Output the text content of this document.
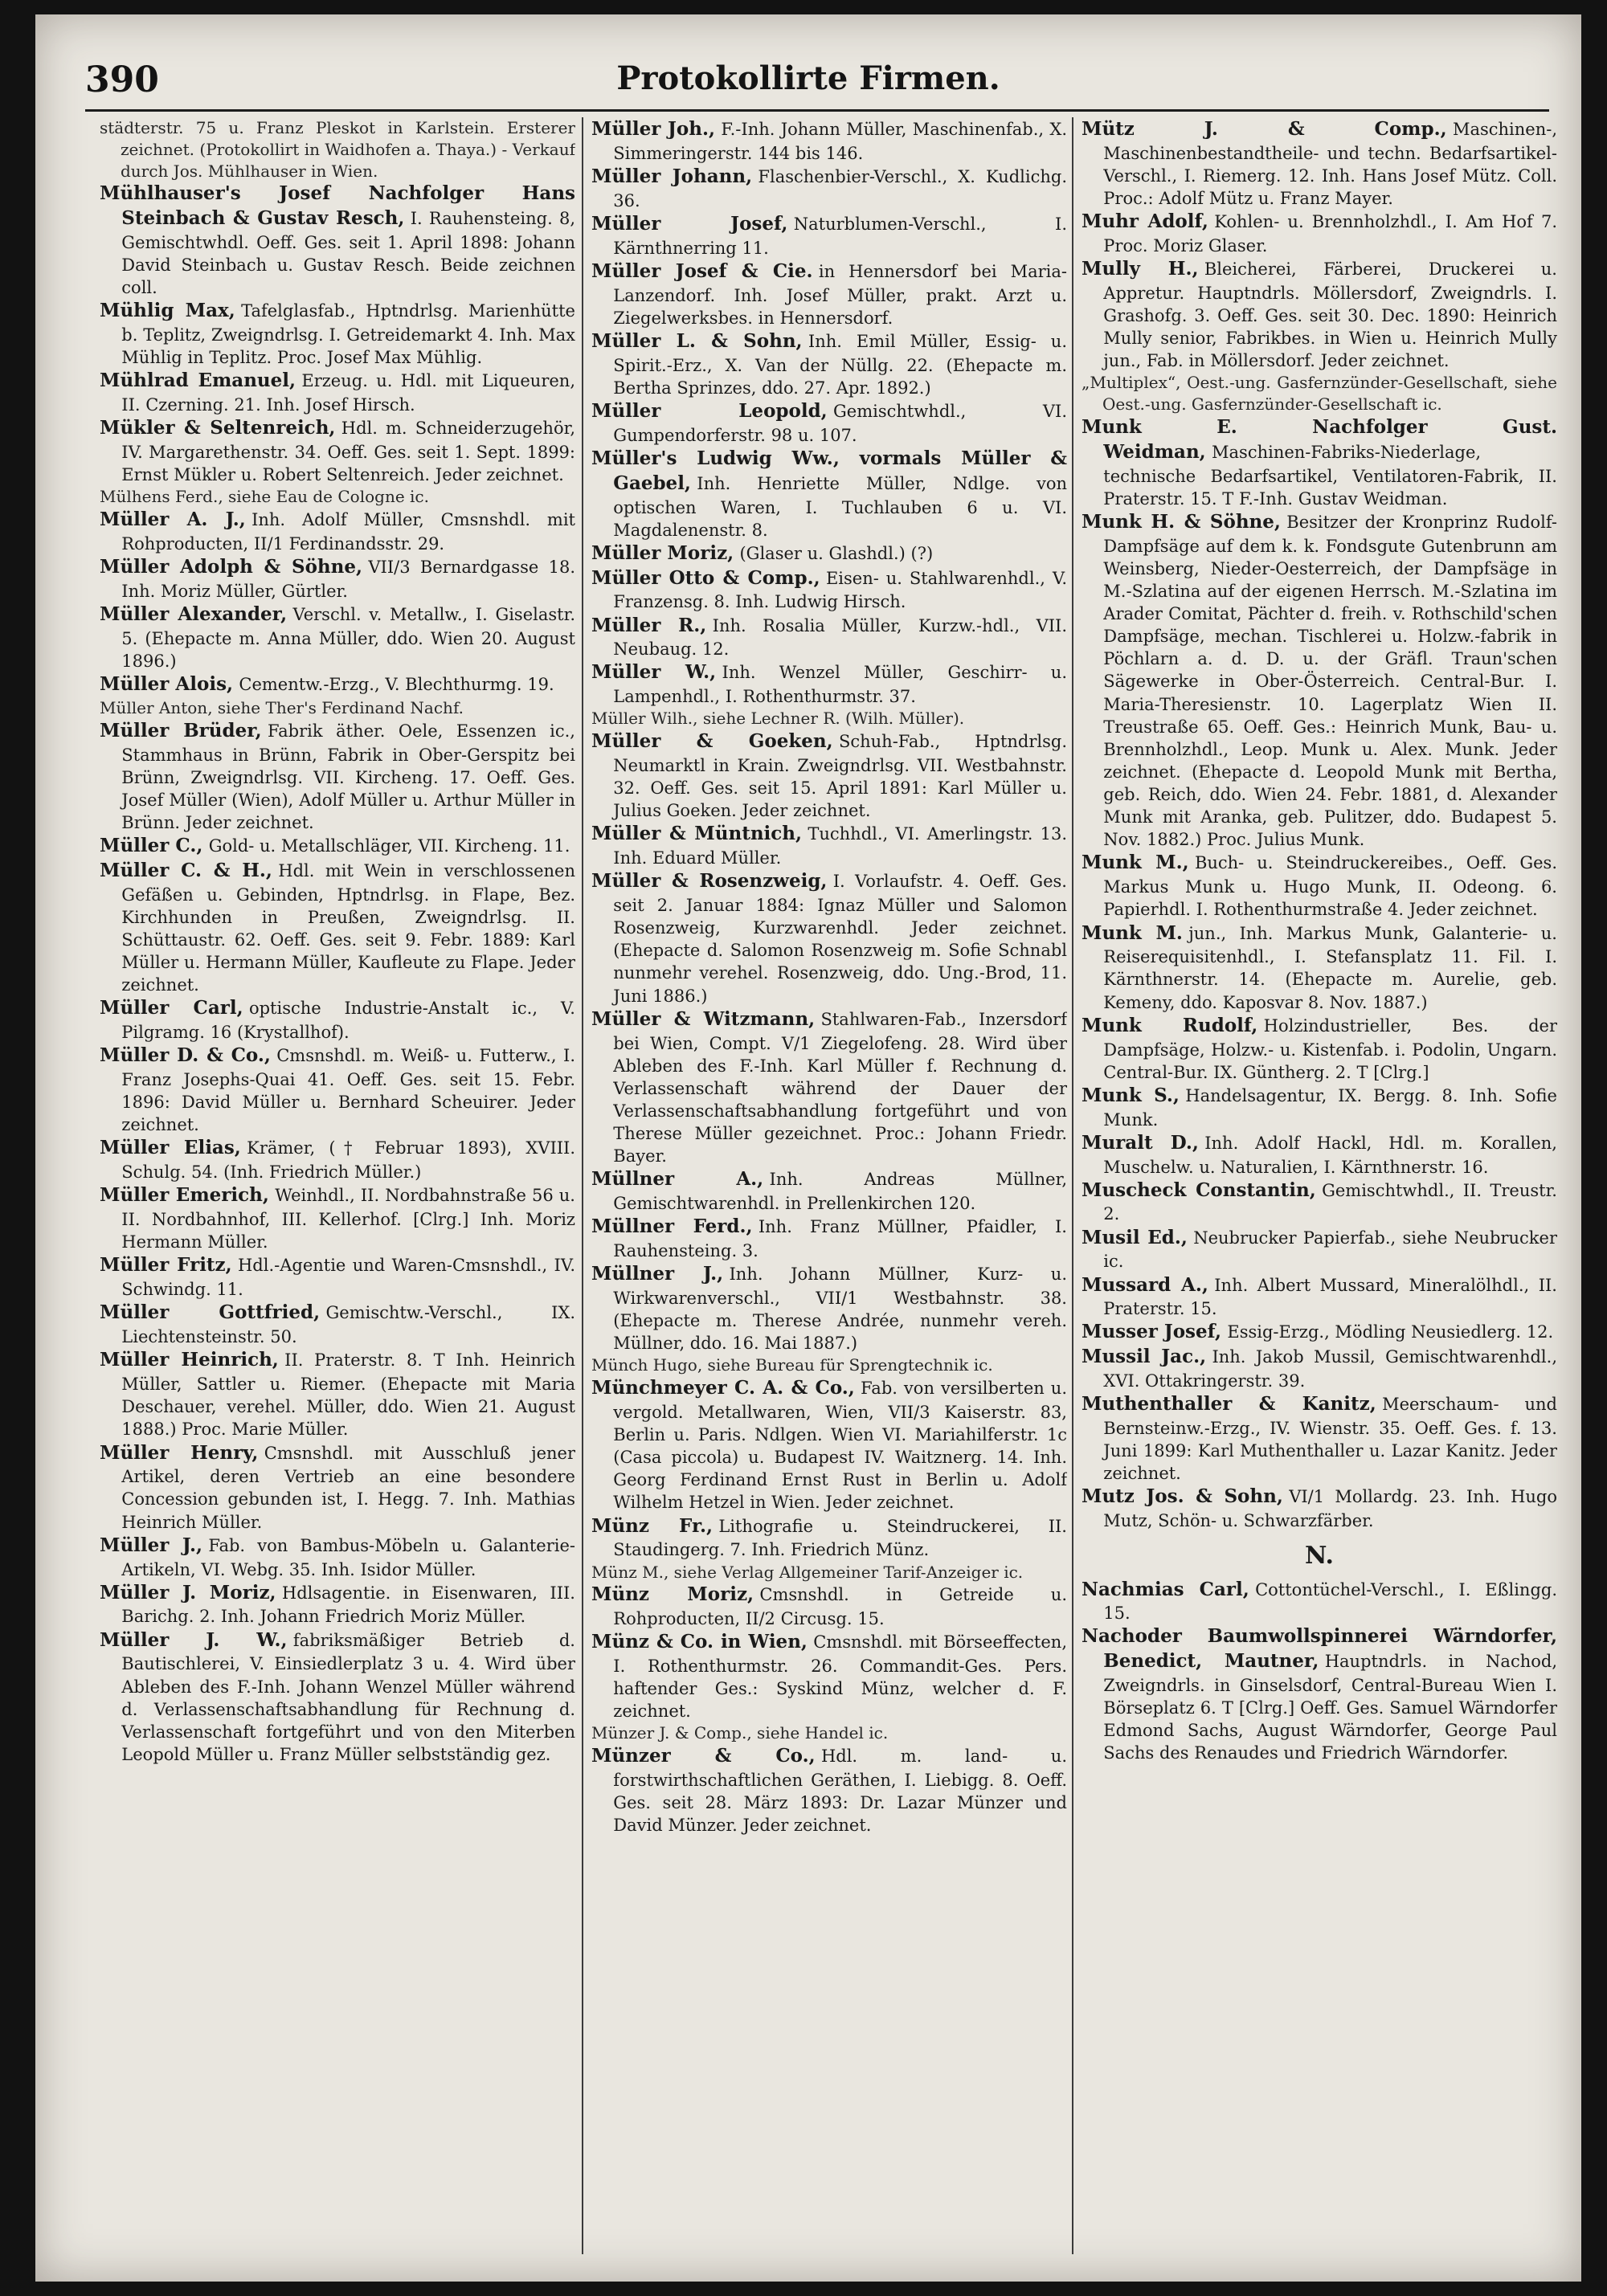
390	Protokollirte Firmen.

städterstr. 75 u. Franz Pleskot in Karlstein. Ersterer zeichnet. (Protokollirt in Waidhofen a. Thaya.) - Verkauf durch Jos. Mühlhauser in Wien.

Mühlhauser's Josef Nachfolger Hans Steinbach & Gustav Resch, I. Rauhensteing. 8, Gemischtwhdl. Oeff. Ges. seit 1. April 1898: Johann David Steinbach u. Gustav Resch. Beide zeichnen coll.

Mühlig Max, Tafelglasfab., Hptndrlsg. Marienhütte b. Teplitz, Zweigndrlsg. I. Getreidemarkt 4. Inh. Max Mühlig in Teplitz. Proc. Josef Max Mühlig.

Mühlrad Emanuel, Erzeug. u. Hdl. mit Liqueuren, II. Czerning. 21. Inh. Josef Hirsch.

Mükler & Seltenreich, Hdl. m. Schneiderzugehör, IV. Margarethenstr. 34. Oeff. Ges. seit 1. Sept. 1899: Ernst Mükler u. Robert Seltenreich. Jeder zeichnet.

Mülhens Ferd., siehe Eau de Cologne ic.

Müller A. J., Inh. Adolf Müller, Cmsnshdl. mit Rohproducten, II/1 Ferdinandsstr. 29.

Müller Adolph & Söhne, VII/3 Bernardgasse 18. Inh. Moriz Müller, Gürtler.

Müller Alexander, Verschl. v. Metallw., I. Giselastr. 5. (Ehepacte m. Anna Müller, ddo. Wien 20. August 1896.)

Müller Alois, Cementw.-Erzg., V. Blechthurmg. 19.

Müller Anton, siehe Ther's Ferdinand Nachf.

Müller Brüder, Fabrik äther. Oele, Essenzen ic., Stammhaus in Brünn, Fabrik in Ober-Gerspitz bei Brünn, Zweigndrlsg. VII. Kircheng. 17. Oeff. Ges. Josef Müller (Wien), Adolf Müller u. Arthur Müller in Brünn. Jeder zeichnet.

Müller C., Gold- u. Metallschläger, VII. Kircheng. 11.

Müller C. & H., Hdl. mit Wein in verschlossenen Gefäßen u. Gebinden, Hptndrlsg. in Flape, Bez. Kirchhunden in Preußen, Zweigndrlsg. II. Schüttaustr. 62. Oeff. Ges. seit 9. Febr. 1889: Karl Müller u. Hermann Müller, Kaufleute zu Flape. Jeder zeichnet.

Müller Carl, optische Industrie-Anstalt ic., V. Pilgramg. 16 (Krystallhof).

Müller D. & Co., Cmsnshdl. m. Weiß- u. Futterw., I. Franz Josephs-Quai 41. Oeff. Ges. seit 15. Febr. 1896: David Müller u. Bernhard Scheuirer. Jeder zeichnet.

Müller Elias, Krämer, († Februar 1893), XVIII. Schulg. 54. (Inh. Friedrich Müller.)

Müller Emerich, Weinhdl., II. Nordbahnstraße 56 u. II. Nordbahnhof, III. Kellerhof. [Clrg.] Inh. Moriz Hermann Müller.

Müller Fritz, Hdl.-Agentie und Waren-Cmsnshdl., IV. Schwindg. 11.

Müller Gottfried, Gemischtw.-Verschl., IX. Liechtensteinstr. 50.

Müller Heinrich, II. Praterstr. 8. T Inh. Heinrich Müller, Sattler u. Riemer. (Ehepacte mit Maria Deschauer, verehel. Müller, ddo. Wien 21. August 1888.) Proc. Marie Müller.

Müller Henry, Cmsnshdl. mit Ausschluß jener Artikel, deren Vertrieb an eine besondere Concession gebunden ist, I. Hegg. 7. Inh. Mathias Heinrich Müller.

Müller J., Fab. von Bambus-Möbeln u. Galanterie-Artikeln, VI. Webg. 35. Inh. Isidor Müller.

Müller J. Moriz, Hdlsagentie. in Eisenwaren, III. Barichg. 2. Inh. Johann Friedrich Moriz Müller.

Müller J. W., fabriksmäßiger Betrieb d. Bautischlerei, V. Einsiedlerplatz 3 u. 4. Wird über Ableben des F.-Inh. Johann Wenzel Müller während d. Verlassenschaftsabhandlung für Rechnung d. Verlassenschaft fortgeführt und von den Miterben Leopold Müller u. Franz Müller selbstständig gez.

Müller Joh., F.-Inh. Johann Müller, Maschinenfab., X. Simmeringerstr. 144 bis 146.

Müller Johann, Flaschenbier-Verschl., X. Kudlichg. 36.

Müller Josef, Naturblumen-Verschl., I. Kärnthnerring 11.

Müller Josef & Cie. in Hennersdorf bei Maria-Lanzendorf. Inh. Josef Müller, prakt. Arzt u. Ziegelwerksbes. in Hennersdorf.

Müller L. & Sohn, Inh. Emil Müller, Essig- u. Spirit.-Erz., X. Van der Nüllg. 22. (Ehepacte m. Bertha Sprinzes, ddo. 27. Apr. 1892.)

Müller Leopold, Gemischtwhdl., VI. Gumpendorferstr. 98 u. 107.

Müller's Ludwig Ww., vormals Müller & Gaebel, Inh. Henriette Müller, Ndlge. von optischen Waren, I. Tuchlauben 6 u. VI. Magdalenenstr. 8.

Müller Moriz, (Glaser u. Glashdl.) (?)

Müller Otto & Comp., Eisen- u. Stahlwarenhdl., V. Franzensg. 8. Inh. Ludwig Hirsch.

Müller R., Inh. Rosalia Müller, Kurzw.-hdl., VII. Neubaug. 12.

Müller W., Inh. Wenzel Müller, Geschirr- u. Lampenhdl., I. Rothenthurmstr. 37.

Müller Wilh., siehe Lechner R. (Wilh. Müller).

Müller & Goeken, Schuh-Fab., Hptndrlsg. Neumarktl in Krain. Zweigndrlsg. VII. Westbahnstr. 32. Oeff. Ges. seit 15. April 1891: Karl Müller u. Julius Goeken. Jeder zeichnet.

Müller & Müntnich, Tuchhdl., VI. Amerlingstr. 13. Inh. Eduard Müller.

Müller & Rosenzweig, I. Vorlaufstr. 4. Oeff. Ges. seit 2. Januar 1884: Ignaz Müller und Salomon Rosenzweig, Kurzwarenhdl. Jeder zeichnet. (Ehepacte d. Salomon Rosenzweig m. Sofie Schnabl nunmehr verehel. Rosenzweig, ddo. Ung.-Brod, 11. Juni 1886.)

Müller & Witzmann, Stahlwaren-Fab., Inzersdorf bei Wien, Compt. V/1 Ziegelofeng. 28. Wird über Ableben des F.-Inh. Karl Müller f. Rechnung d. Verlassenschaft während der Dauer der Verlassenschaftsabhandlung fortgeführt und von Therese Müller gezeichnet. Proc.: Johann Friedr. Bayer.

Müllner A., Inh. Andreas Müllner, Gemischtwarenhdl. in Prellenkirchen 120.

Müllner Ferd., Inh. Franz Müllner, Pfaidler, I. Rauhensteing. 3.

Müllner J., Inh. Johann Müllner, Kurz- u. Wirkwarenverschl., VII/1 Westbahnstr. 38. (Ehepacte m. Therese Andrée, nunmehr vereh. Müllner, ddo. 16. Mai 1887.)

Münch Hugo, siehe Bureau für Sprengtechnik ic.

Münchmeyer C. A. & Co., Fab. von versilberten u. vergold. Metallwaren, Wien, VII/3 Kaiserstr. 83, Berlin u. Paris. Ndlgen. Wien VI. Mariahilferstr. 1c (Casa piccola) u. Budapest IV. Waitznerg. 14. Inh. Georg Ferdinand Ernst Rust in Berlin u. Adolf Wilhelm Hetzel in Wien. Jeder zeichnet.

Münz Fr., Lithografie u. Steindruckerei, II. Staudingerg. 7. Inh. Friedrich Münz.

Münz M., siehe Verlag Allgemeiner Tarif-Anzeiger ic.

Münz Moriz, Cmsnshdl. in Getreide u. Rohproducten, II/2 Circusg. 15.

Münz & Co. in Wien, Cmsnshdl. mit Börseeffecten, I. Rothenthurmstr. 26. Commandit-Ges. Pers. haftender Ges.: Syskind Münz, welcher d. F. zeichnet.

Münzer J. & Comp., siehe Handel ic.

Münzer & Co., Hdl. m. land- u. forstwirthschaftlichen Geräthen, I. Liebigg. 8. Oeff. Ges. seit 28. März 1893: Dr. Lazar Münzer und David Münzer. Jeder zeichnet.

Mütz J. & Comp., Maschinen-, Maschinenbestandtheile- und techn. Bedarfsartikel-Verschl., I. Riemerg. 12. Inh. Hans Josef Mütz. Coll. Proc.: Adolf Mütz u. Franz Mayer.

Muhr Adolf, Kohlen- u. Brennholzhdl., I. Am Hof 7. Proc. Moriz Glaser.

Mully H., Bleicherei, Färberei, Druckerei u. Appretur. Hauptndrls. Möllersdorf, Zweigndrls. I. Grashofg. 3. Oeff. Ges. seit 30. Dec. 1890: Heinrich Mully senior, Fabrikbes. in Wien u. Heinrich Mully jun., Fab. in Möllersdorf. Jeder zeichnet.

„Multiplex“, Oest.-ung. Gasfernzünder-Gesellschaft, siehe Oest.-ung. Gasfernzünder-Gesellschaft ic.

Munk E. Nachfolger Gust. Weidman, Maschinen-Fabriks-Niederlage, technische Bedarfsartikel, Ventilatoren-Fabrik, II. Praterstr. 15. T F.-Inh. Gustav Weidman.

Munk H. & Söhne, Besitzer der Kronprinz Rudolf-Dampfsäge auf dem k. k. Fondsgute Gutenbrunn am Weinsberg, Nieder-Oesterreich, der Dampfsäge in M.-Szlatina auf der eigenen Herrsch. M.-Szlatina im Arader Comitat, Pächter d. freih. v. Rothschild'schen Dampfsäge, mechan. Tischlerei u. Holzw.-fabrik in Pöchlarn a. d. D. u. der Gräfl. Traun'schen Sägewerke in Ober-Österreich. Central-Bur. I. Maria-Theresienstr. 10. Lagerplatz Wien II. Treustraße 65. Oeff. Ges.: Heinrich Munk, Bau- u. Brennholzhdl., Leop. Munk u. Alex. Munk. Jeder zeichnet. (Ehepacte d. Leopold Munk mit Bertha, geb. Reich, ddo. Wien 24. Febr. 1881, d. Alexander Munk mit Aranka, geb. Pulitzer, ddo. Budapest 5. Nov. 1882.) Proc. Julius Munk.

Munk M., Buch- u. Steindruckereibes., Oeff. Ges. Markus Munk u. Hugo Munk, II. Odeong. 6. Papierhdl. I. Rothenthurmstraße 4. Jeder zeichnet.

Munk M. jun., Inh. Markus Munk, Galanterie- u. Reiserequisitenhdl., I. Stefansplatz 11. Fil. I. Kärnthnerstr. 14. (Ehepacte m. Aurelie, geb. Kemeny, ddo. Kaposvar 8. Nov. 1887.)

Munk Rudolf, Holzindustrieller, Bes. der Dampfsäge, Holzw.- u. Kistenfab. i. Podolin, Ungarn. Central-Bur. IX. Güntherg. 2. T [Clrg.]

Munk S., Handelsagentur, IX. Bergg. 8. Inh. Sofie Munk.

Muralt D., Inh. Adolf Hackl, Hdl. m. Korallen, Muschelw. u. Naturalien, I. Kärnthnerstr. 16.

Muscheck Constantin, Gemischtwhdl., II. Treustr. 2.

Musil Ed., Neubrucker Papierfab., siehe Neubrucker ic.

Mussard A., Inh. Albert Mussard, Mineralölhdl., II. Praterstr. 15.

Musser Josef, Essig-Erzg., Mödling Neusiedlerg. 12.

Mussil Jac., Inh. Jakob Mussil, Gemischtwarenhdl., XVI. Ottakringerstr. 39.

Muthenthaller & Kanitz, Meerschaum- und Bernsteinw.-Erzg., IV. Wienstr. 35. Oeff. Ges. f. 13. Juni 1899: Karl Muthenthaller u. Lazar Kanitz. Jeder zeichnet.

Mutz Jos. & Sohn, VI/1 Mollardg. 23. Inh. Hugo Mutz, Schön- u. Schwarzfärber.

N.

Nachmias Carl, Cottontüchel-Verschl., I. Eßlingg. 15.

Nachoder Baumwollspinnerei Wärndorfer, Benedict, Mautner, Hauptndrls. in Nachod, Zweigndrls. in Ginselsdorf, Central-Bureau Wien I. Börseplatz 6. T [Clrg.] Oeff. Ges. Samuel Wärndorfer Edmond Sachs, August Wärndorfer, George Paul Sachs des Renaudes und Friedrich Wärndorfer.
